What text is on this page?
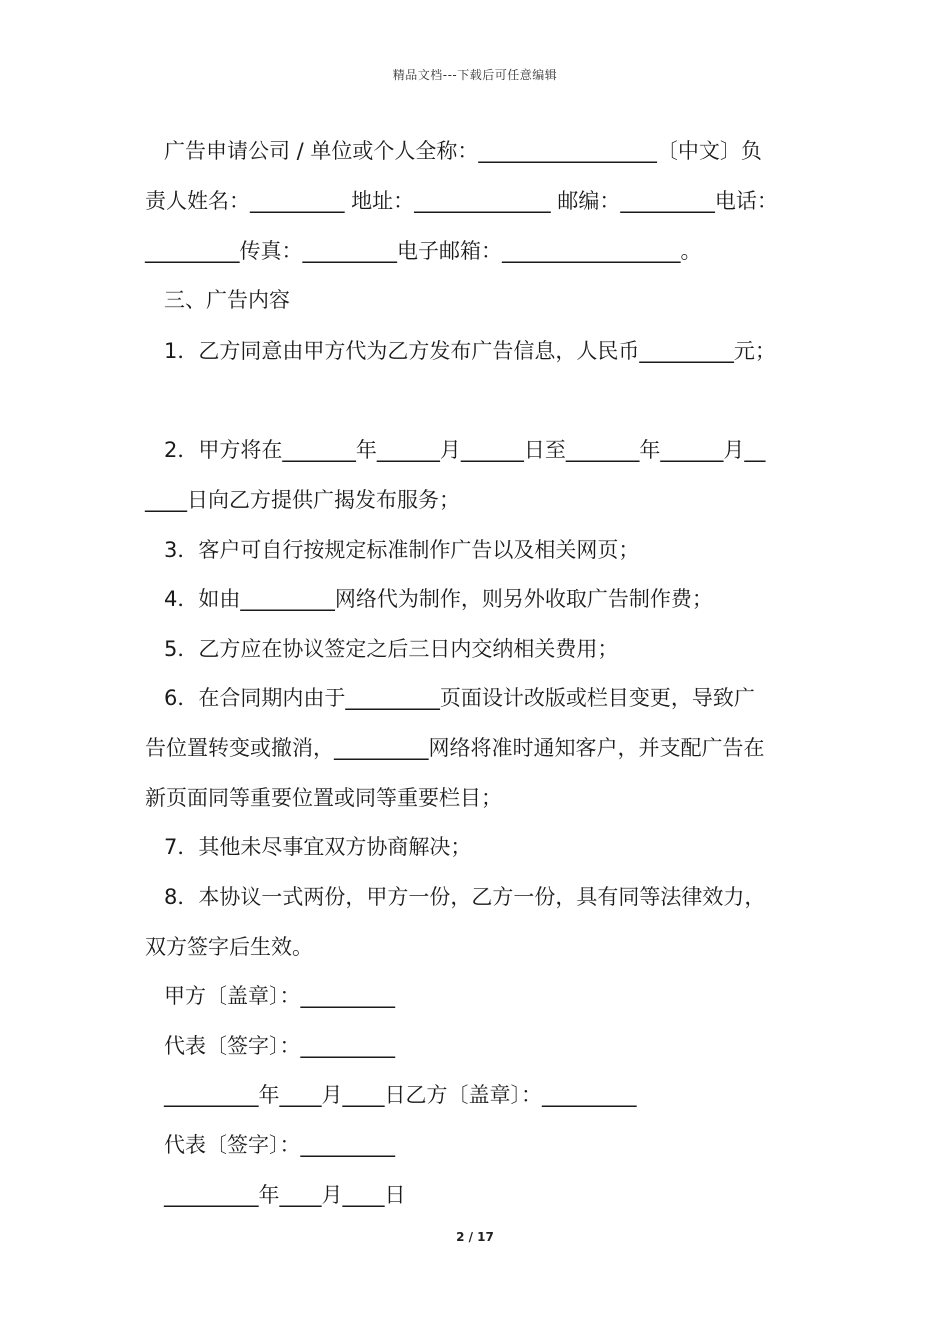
精品文档---下载后可任意编辑
广告申请公司 / 单位或个人全称：_________________〔中文〕负
责人姓名：_________ 地址：_____________ 邮编：_________电话：
_________传真：_________电子邮箱：_________________。
三、广告内容
1．乙方同意由甲方代为乙方发布广告信息，人民币_________元；
2．甲方将在_______年______月______日至_______年______月__
____日向乙方提供广揭发布服务；
3．客户可自行按规定标准制作广告以及相关网页；
4．如由_________网络代为制作，则另外收取广告制作费；
5．乙方应在协议签定之后三日内交纳相关费用；
6．在合同期内由于_________页面设计改版或栏目变更，导致广
告位置转变或撤消，_________网络将准时通知客户，并支配广告在
新页面同等重要位置或同等重要栏目；
7．其他未尽事宜双方协商解决；
8．本协议一式两份，甲方一份，乙方一份，具有同等法律效力，
双方签字后生效。
甲方〔盖章〕：_________
代表〔签字〕：_________
_________年____月____日乙方〔盖章〕：_________
代表〔签字〕：_________
_________年____月____日
2 / 17
